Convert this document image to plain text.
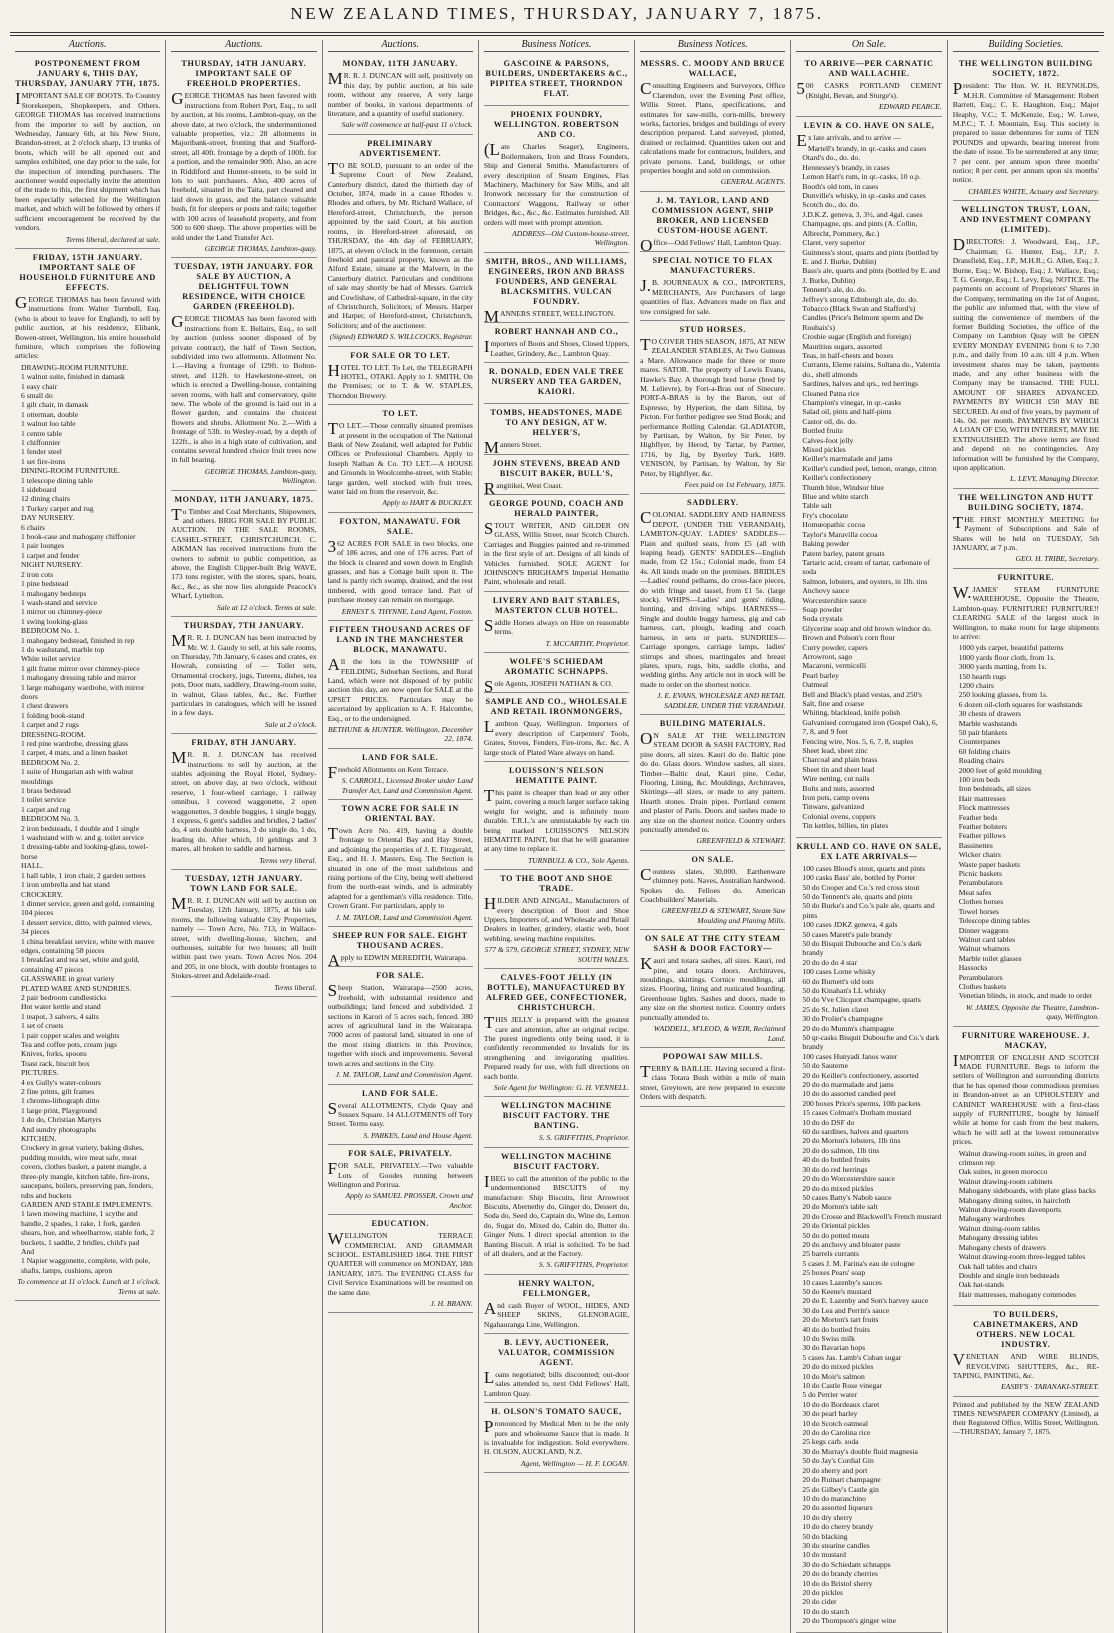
NEW ZEALAND TIMES, THURSDAY, JANUARY 7, 1875.
Auctions.
POSTPONEMENT FROM JANUARY 6, THIS DAY, THURSDAY, JANUARY 7TH, 1875.
IMPORTANT SALE OF BOOTS. To Country Storekeepers, Shopkeepers, and Others. GEORGE THOMAS has received instructions from the importer to sell by auction, on Wednesday, January 6th, at his New Store, Brandon-street, at 2 o'clock sharp, 13 trunks of boots, which will be all opened out and samples exhibited, one day prior to the sale, for the inspection of intending purchasers. The auctioneer would especially invite the attention of the trade to this, the first shipment which has been especially selected for the Wellington market, and which will be followed by others if sufficient encouragement be received by the vendors.
Terms liberal, declared at sale.
FRIDAY, 15TH JANUARY. IMPORTANT SALE OF HOUSEHOLD FURNITURE AND EFFECTS.
GEORGE THOMAS has been favored with instructions from Walter Turnbull, Esq. (who is about to leave for England), to sell by public auction, at his residence, Elibank, Bowen-street, Wellington, his entire household furniture, which comprises the following articles:
DRAWING-ROOM FURNITURE.
1 walnut suite, finished in damask
1 easy chair
6 small do
1 gilt chair, in damask
1 otterman, double
1 walnut loo table
1 centre table
1 chiffonnier
1 fender steel
1 set fire-irons
DINING-ROOM FURNITURE.
1 telescope dining table
1 sideboard
12 dining chairs
1 Turkey carpet and rug
DAY NURSERY.
6 chairs
1 book-case and mahogany chiffonier
1 pair lounges
1 carpet and fender
NIGHT NURSERY.
2 iron cots
1 pine bedstead
1 mahogany bedsteps
1 wash-stand and service
1 mirror on chimney-piece
1 swing looking-glass
BEDROOM No. 1.
1 mahogany bedstead, finished in rep
1 do washstand, marble top
White toilet service
1 gilt frame mirror over chimney-piece
1 mahogany dressing table and mirror
1 large mahogany wardrobe, with mirror doors
1 chest drawers
1 folding book-stand
1 carpet and 2 rugs
DRESSING-ROOM.
1 red pine wardrobe, dressing glass
1 carpet, 4 mats, and a linen basket
BEDROOM No. 2.
1 suite of Hungarian ash with walnut mouldings
1 brass bedstead
1 toilet service
1 carpet and rug
BEDROOM No. 3.
2 iron bedsteads, 1 double and 1 single
1 washstand with w. and g. toilet service
1 dressing-table and looking-glass, towel-horse
HALL.
1 hall table, 1 iron chair, 2 garden settees
1 iron umbrella and hat stand
CROCKERY.
1 dinner service, green and gold, containing 104 pieces
1 dessert service, ditto, with painted views, 34 pieces
1 china breakfast service, white with mauve edges, containing 58 pieces
1 breakfast and tea set, white and gold, containing 47 pieces
GLASSWARE in great variety
PLATED WARE AND SUNDRIES.
2 pair bedroom candlesticks
Hot water kettle and stand
1 teapot, 3 salvers, 4 salts
1 set of cruets
1 pair copper scales and weights
Tea and coffee pots, cream jugs
Knives, forks, spoons
Toast rack, biscuit box
PICTURES.
4 ex Gully's water-colours
2 fine prints, gilt frames
1 chromo-lithograph ditto
1 large print, Playground
1 do do, Christian Martyrs
And sundry photographs
KITCHEN.
Crockery in great variety, baking dishes, pudding moulds, wire meat safe, meat covers, clothes basket, a patent mangle, a three-ply mangle, kitchen table, fire-irons, saucepans, boilers, preserving pan, fenders, tubs and buckets
GARDEN AND STABLE IMPLEMENTS.
1 lawn mowing machine, 1 scythe and handle, 2 spades, 1 rake, 1 fork, garden shears, hoe, and wheelbarrow, stable fork, 2 buckets, 1 saddle, 2 bridles, child's pad
And
1 Napier waggonette, complete, with pole, shafts, lamps, cushions, apron
To commence at 11 o'clock. Lunch at 1 o'clock. Terms at sale.
Auctions.
THURSDAY, 14TH JANUARY. IMPORTANT SALE OF FREEHOLD PROPERTIES.
GEORGE THOMAS has been favored with instructions from Robert Port, Esq., to sell by auction, at his rooms, Lambton-quay, on the above date, at two o'clock, the undermentioned valuable properties, viz.: 28 allotments in Majoribank-street, fronting that and Stafford-street, all 40ft. frontage by a depth of 100ft. for a portion, and the remainder 90ft. Also, an acre in Riddiford and Hunter-streets, to be sold in lots to suit purchasers. Also, 400 acres of freehold, situated in the Taita, part cleared and laid down in grass, and the balance valuable bush, fit for sleepers or posts and rails; together with 100 acres of leasehold property, and from 500 to 600 sheep. The above properties will be sold under the Land Transfer Act.
GEORGE THOMAS, Lambton-quay.
TUESDAY, 19TH JANUARY. FOR SALE BY AUCTION, A DELIGHTFUL TOWN RESIDENCE, WITH CHOICE GARDEN (FREEHOLD).
GEORGE THOMAS has been favored with instructions from E. Bellairs, Esq., to sell by auction (unless sooner disposed of by private contract), the half of Town Section, subdivided into two allotments. Allotment No. 1.—Having a frontage of 129ft. to Bolton-street, and 112ft. to Hawkestone-street, on which is erected a Dwelling-house, containing seven rooms, with hall and conservatory, quite new. The whole of the ground is laid out in a flower garden, and contains the choicest flowers and shrubs. Allotment No. 2.—With a frontage of 53ft. to Wesley-road, by a depth of 122ft., is also in a high state of cultivation, and contains several hundred choice fruit trees now in full bearing.
GEORGE THOMAS, Lambton-quay, Wellington.
MONDAY, 11TH JANUARY, 1875.
To Timber and Coal Merchants, Shipowners, and others. BRIG FOR SALE BY PUBLIC AUCTION. IN THE SALE ROOMS, CASHEL-STREET, CHRISTCHURCH. C. AIKMAN has received instructions from the owners to submit to public competition, as above, the English Clipper-built Brig WAVE, 173 tons register, with the stores, spars, boats, &c., &c., as she now lies alongside Peacock's Wharf, Lyttelton.
Sale at 12 o'clock. Terms at sale.
THURSDAY, 7TH JANUARY.
MR. R. J. DUNCAN has been instructed by Mr. W. J. Gaudy to sell, at his sale rooms, on Thursday, 7th January, 6 cases and crates, ex Howrah, consisting of — Toilet sets, Ornamental crockery, jugs, Tureens, dishes, tea pots, Door mats, saddlery, Drawing-room suite, in walnut, Glass tables, &c., &c. Further particulars in catalogues, which will be issued in a few days.
Sale at 2 o'clock.
FRIDAY, 8TH JANUARY.
MR. R. J. DUNCAN has received instructions to sell by auction, at the stables adjoining the Royal Hotel, Sydney-street, on above day, at two o'clock, without reserve, 1 four-wheel carriage, 1 railway omnibus, 1 covered waggonette, 2 open waggonettes, 3 double buggies, 1 single buggy, 1 express, 6 gent's saddles and bridles, 2 ladies' do, 4 sets double harness, 3 do single do, 1 do, leading do. After which, 10 geldings and 3 mares, all broken to saddle and harness.
Terms very liberal.
TUESDAY, 12TH JANUARY. TOWN LAND FOR SALE.
MR. R. J. DUNCAN will sell by auction on Tuesday, 12th January, 1875, at his sale rooms, the following valuable City Properties, namely — Town Acre, No. 713, in Wallace-street, with dwelling-house, kitchen, and outhouses, suitable for two houses; all built within past two years. Town Acres Nos. 204 and 205, in one block, with double frontages to Stokes-street and Adelaide-road.
Terms liberal.
Auctions.
MONDAY, 11TH JANUARY.
MR. R. J. DUNCAN will sell, positively on this day, by public auction, at his sale room, without any reserve, A very large number of books, in various departments of literature, and a quantity of useful stationery.
Sale will commence at half-past 11 o'clock.
PRELIMINARY ADVERTISEMENT.
TO BE SOLD, pursuant to an order of the Supreme Court of New Zealand, Canterbury district, dated the thirtieth day of October, 1874, made in a cause Rhodes v. Rhodes and others, by Mr. Richard Wallace, of Hereford-street, Christchurch, the person appointed by the said Court, at his auction rooms, in Hereford-street aforesaid, on THURSDAY, the 4th day of FEBRUARY, 1875, at eleven o'clock in the forenoon, certain freehold and pastoral property, known as the Alford Estate, situate at the Malvern, in the Canterbury district. Particulars and conditions of sale may shortly be had of Messrs. Garrick and Cowlishaw, of Cathedral-square, in the city of Christchurch, Solicitors; of Messrs. Harper and Harper, of Hereford-street, Christchurch, Solicitors; and of the auctioneer.
(Signed) EDWARD S. WILLCOCKS, Registrar.
FOR SALE OR TO LET.
HOTEL TO LET. To Let, the TELEGRAPH HOTEL, OTAKI. Apply to J. SMITH, On the Premises; or to T. & W. STAPLES, Thorndon Brewery.
TO LET.
TO LET.—Those centrally situated premises at present in the occupation of The National Bank of New Zealand, well adapted for Public Offices or Professional Chambers. Apply to Joseph Nathan & Co. TO LET.—A HOUSE and Grounds in Woolcombe-street, with Stable; large garden, well stocked with fruit trees, water laid on from the reservoir, &c.
Apply to HART & BUCKLEY.
FOXTON, MANAWATU. FOR SALE.
362 ACRES FOR SALE in two blocks, one of 186 acres, and one of 176 acres. Part of the block is cleared and sown down in English grasses, and has a Cottage built upon it. The land is partly rich swamp, drained, and the rest timbered, with good terrace land. Part of purchase money can remain on mortgage.
ERNEST S. THYNNE, Land Agent, Foxton.
FIFTEEN THOUSAND ACRES OF LAND IN THE MANCHESTER BLOCK, MANAWATU.
All the lots in the TOWNSHIP of FEILDING, Suburban Sections, and Rural Land, which were not disposed of by public auction this day, are now open for SALE at the UPSET PRICES. Particulars may be ascertained by application to A. F. Halcombe, Esq., or to the undersigned.
BETHUNE & HUNTER. Wellington, December 22, 1874.
LAND FOR SALE.
Freehold Allotments on Kent Terrace.
S. CARROLL, Licensed Broker under Land Transfer Act, Land and Commission Agent.
TOWN ACRE FOR SALE IN ORIENTAL BAY.
Town Acre No. 419, having a double frontage to Oriental Bay and Hay Street, and adjoining the properties of J. E. Fitzgerald, Esq., and H. J. Masters, Esq. The Section is situated in one of the most salubrious and rising portions of the City, being well sheltered from the north-east winds, and is admirably adapted for a gentleman's villa residence. Title, Crown Grant. For particulars, apply to
J. M. TAYLOR, Land and Commission Agent.
SHEEP RUN FOR SALE. EIGHT THOUSAND ACRES.
Apply to EDWIN MEREDITH, Wairarapa.
FOR SALE.
Sheep Station, Wairarapa—2500 acres, freehold, with substantial residence and outbuildings; land fenced and subdivided. 2 sections in Karori of 5 acres each, fenced. 380 acres of agricultural land in the Wairarapa. 7000 acres of pastoral land, situated in one of the most rising districts in this Province, together with stock and improvements. Several town acres and sections in the City.
J. M. TAYLOR, Land and Commission Agent.
LAND FOR SALE.
Several ALLOTMENTS, Clyde Quay and Sussex Square. 14 ALLOTMENTS off Tory Street. Terms easy.
S. PARKES, Land and House Agent.
FOR SALE, PRIVATELY.
FOR SALE, PRIVATELY.—Two valuable Lots of Goodes running between Wellington and Porirua.
Apply to SAMUEL PROSSER, Crown and Anchor.
EDUCATION.
WELLINGTON TERRACE COMMERCIAL AND GRAMMAR SCHOOL. ESTABLISHED 1864. THE FIRST QUARTER will commence on MONDAY, 18th JANUARY, 1875. The EVENING CLASS for Civil Service Examinations will be resumed on the same date.
J. H. BRANN.
Business Notices.
GASCOINE & PARSONS, BUILDERS, UNDERTAKERS &C., PIPITEA STREET, THORNDON FLAT.
PHOENIX FOUNDRY, WELLINGTON. ROBERTSON AND CO.
(Late Charles Seager), Engineers, Boilermakers, Iron and Brass Founders, Ship and General Smiths. Manufacturers of every description of Steam Engines, Flax Machinery, Machinery for Saw Mills, and all Ironwork necessary for the construction of Contractors' Waggons, Railway or other Bridges, &c., &c., &c. Estimates furnished. All orders will meet with prompt attention.
ADDRESS—Old Custom-house-street, Wellington.
SMITH, BROS., AND WILLIAMS, ENGINEERS, IRON AND BRASS FOUNDERS, AND GENERAL BLACKSMITHS. VULCAN FOUNDRY.
MANNERS STREET, WELLINGTON.
ROBERT HANNAH AND CO.,
Importers of Boots and Shoes, Closed Uppers, Leather, Grindery, &c., Lambton Quay.
R. DONALD, EDEN VALE TREE NURSERY AND TEA GARDEN, KAIORI.
TOMBS, HEADSTONES, MADE TO ANY DESIGN, AT W. HELYER'S,
Manners Street.
JOHN STEVENS, BREAD AND BISCUIT BAKER, BULL'S,
Rangitikei, West Coast.
GEORGE POUND, COACH AND HERALD PAINTER,
STOUT WRITER, AND GILDER ON GLASS, Willis Street, near Scotch Church. Carriages and Buggies painted and re-trimmed in the first style of art. Designs of all kinds of Vehicles furnished. SOLE AGENT for JOHNSON'S BRIGHAM'S Imperial Hematite Paint, wholesale and retail.
LIVERY AND BAIT STABLES, MASTERTON CLUB HOTEL.
Saddle Horses always on Hire on reasonable terms.
T. MCCARTHY, Proprietor.
WOLFE'S SCHIEDAM AROMATIC SCHNAPPS.
Sole Agents, JOSEPH NATHAN & CO.
SAMPLE AND CO., WHOLESALE AND RETAIL IRONMONGERS,
Lambton Quay, Wellington. Importers of every description of Carpenters' Tools, Grates, Stoves, Fenders, Fire-irons, &c. &c. A large stock of Plated Ware always on hand.
LOUISSON'S NELSON HEMATITE PAINT.
This paint is cheaper than lead or any other paint, covering a much larger surface taking weight for weight, and is infinitely more durable. T.R.L.'s are unmistakable by each tin being marked LOUISSON'S NELSON HEMATITE PAINT, but that he will guarantee at any time to replace it.
TURNBULL & CO., Sole Agents.
TO THE BOOT AND SHOE TRADE.
HILDER AND AINGAL, Manufacturers of every description of Boot and Shoe Uppers, Importers of, and Wholesale and Retail Dealers in leather, grindery, elastic web, boot webbing, sewing machine requisites.
577 & 579, GEORGE STREET, SYDNEY, NEW SOUTH WALES.
CALVES-FOOT JELLY (IN BOTTLE), MANUFACTURED BY ALFRED GEE, CONFECTIONER, CHRISTCHURCH.
THIS JELLY is prepared with the greatest care and attention, after an original recipe. The purest ingredients only being used, it is confidently recommended to Invalids for its strengthening and invigorating qualities. Prepared ready for use, with full directions on each bottle.
Sole Agent for Wellington: G. H. VENNELL.
WELLINGTON MACHINE BISCUIT FACTORY. THE BANTING.
S. S. GRIFFITHS, Proprietor.
WELLINGTON MACHINE BISCUIT FACTORY.
IBEG to call the attention of the public to the undermentioned BISCUITS of my manufacture: Ship Biscuits, first Arrowroot Biscuits, Abernethy do, Ginger do, Dessert do, Soda do, Seed do, Captain do, Wine do, Lemon do, Sugar do, Mixed do, Cabin do, Butter do. Ginger Nuts. I direct special attention to the Banting Biscuit. A trial is solicited. To be had of all dealers, and at the Factory.
S. S. GRIFFITHS, Proprietor.
HENRY WALTON, FELLMONGER,
And cash Buyer of WOOL, HIDES, AND SHEEP SKINS, GLENORAGIE, Ngahauranga Line, Wellington.
B. LEVY, AUCTIONEER, VALUATOR, COMMISSION AGENT.
Loans negotiated; bills discounted; out-door sales attended to, next Odd Fellows' Hall, Lambton Quay.
H. OLSON'S TOMATO SAUCE,
Pronounced by Medical Men to be the only pure and wholesome Sauce that is made. It is invaluable for indigestion. Sold everywhere. H. OLSON, AUCKLAND, N.Z.
Agent, Wellington — H. F. LOGAN.
Business Notices.
MESSRS. C. MOODY AND BRUCE WALLACE,
Consulting Engineers and Surveyors, Office Clarendon, over the Evening Post office, Willis Street. Plans, specifications, and estimates for saw-mills, corn-mills, brewery works, factories, bridges and buildings of every description prepared. Land surveyed, plotted, drained or reclaimed. Quantities taken out and calculations made for contractors, builders, and private persons. Land, buildings, or other properties bought and sold on commission.
GENERAL AGENTS.
J. M. TAYLOR, LAND AND COMMISSION AGENT, SHIP BROKER, AND LICENSED CUSTOM-HOUSE AGENT.
Office—Odd Fellows' Hall, Lambton Quay.
SPECIAL NOTICE TO FLAX MANUFACTURERS.
J.B. JOURNEAUX & CO., IMPORTERS, MERCHANTS, Are Purchasers of large quantities of flax. Advances made on flax and tow consigned for sale.
STUD HORSES.
TO COVER THIS SEASON, 1875, AT NEW ZEALANDER STABLES, At Two Guineas a Mare. Allowance made for three or more mares. SATOR. The property of Lewis Evans, Hawke's Bay. A thorough bred horse (bred by M. Lelievre), by Fort-a-Bras out of Sinecure. PORT-A-BRAS is by the Baron, out of Espresso, by Hyperion, the dam Silina, by Picton. For further pedigree see Stud Book; and performance Rolling Calendar. GLADIATOR, by Partisan, by Walton, by Sir Peter, by Highflyer, by Herod, by Tartar, by Partner, 1716, by Jig, by Byerley Turk, 1689. VENISON, by Partisan, by Walton, by Sir Peter, by Highflyer, &c.
Fees paid on 1st February, 1875.
SADDLERY.
COLONIAL SADDLERY AND HARNESS DEPOT, (UNDER THE VERANDAH), LAMBTON-QUAY. LADIES' SADDLES—Plain and quilted seats, from £5 (all with leaping head). GENTS' SADDLES—English made, from £2 15s.; Colonial made, from £4 4s. All kinds made on the premises. BRIDLES—Ladies' round pelhams, do cross-face pieces, do with fringe and tassel, from £1 5s. (large stock). WHIPS—Ladies' and gents' riding, hunting, and driving whips. HARNESS—Single and double buggy harness, gig and cab harness, cart, plough, leading and coach harness, in sets or parts. SUNDRIES—Carriage sponges, carriage lamps, ladies' stirrups and shoes, martingales and breast plates, spurs, rugs, bits, saddle cloths, and wedding girths. Any article not in stock will be made to order on the shortest notice.
J. E. EVANS, WHOLESALE AND RETAIL SADDLER, UNDER THE VERANDAH.
BUILDING MATERIALS.
ON SALE AT THE WELLINGTON STEAM DOOR & SASH FACTORY, Red pine doors, all sizes. Kauri do do. Baltic pine do do. Glass doors. Window sashes, all sizes. Timber—Baltic deal, Kauri pine, Cedar, Flooring, Lining, &c. Mouldings, Architraves, Skirtings—all sizes, or made to any pattern. Hearth stones. Drain pipes. Portland cement and plaster of Paris. Doors and sashes made to any size on the shortest notice. Country orders punctually attended to.
GREENFIELD & STEWART.
ON SALE.
Countess slates, 30,000. Earthenware chimney pots. Naves, Australian hardwood. Spokes do. Felloes do. American Coachbuilders' Materials.
GREENFIELD & STEWART, Steam Saw Moulding and Planing Mills.
ON SALE AT THE CITY STEAM SASH & DOOR FACTORY—
Kauri and totara sashes, all sizes. Kauri, red pine, and totara doors. Architraves, mouldings, skirtings. Cornice mouldings, all sizes. Flooring, lining and rusticated boarding. Greenhouse lights. Sashes and doors, made to any size on the shortest notice. Country orders punctually attended to.
WADDELL, M'LEOD, & WEIR, Reclaimed Land.
POPOWAI SAW MILLS.
TERRY & BAILLIE. Having secured a first-class Totara Bush within a mile of main street, Greytown, are now prepared to execute Orders with despatch.
On Sale.
TO ARRIVE—PER CARNATIC AND WALLACHIE.
500 CASKS PORTLAND CEMENT (Knight, Bevan, and Sturge's).
EDWARD PEARCE.
LEVIN & CO. HAVE ON SALE,
Ex late arrivals, and to arrive —
Martell's brandy, in qr.-casks and cases
Otard's do., do. do.
Hennessey's brandy, in cases
Lemon Hart's rum, in qr.-casks, 10 o.p.
Booth's old tom, in cases
Dunville's whisky, in qr.-casks and cases
Scotch do., do. do.
J.D.K.Z. geneva, 3, 3½, and 4gal. cases
Champagne, qts. and pints (A. Collin, Albrecht, Pommery, &c.)
Claret, very superior
Guinness's stout, quarts and pints (bottled by E. and J. Burke, Dublin)
Bass's ale, quarts and pints (bottled by E. and J. Burke, Dublin)
Tennent's ale, do. do.
Jeffrey's strong Edinburgh ale, do. do.
Tobacco (Black Swan and Stafford's)
Candles (Price's Belmont sperm and De Roubaix's)
Crosbie sugar (English and foreign)
Mauritius sugars, assorted
Teas, in half-chests and boxes
Currants, Eleme raisins, Sultana do., Valentia do., shell almonds
Sardines, halves and qrs., red herrings
Cleaned Patna rice
Champion's vinegar, in qr.-casks
Salad oil, pints and half-pints
Castor oil, do. do.
Bottled fruits
Calves-foot jelly
Mixed pickles
Keiller's marmalade and jams
Keiller's candied peel, lemon, orange, citron
Keiller's confectionery
Thumb blue, Windsor blue
Blue and white starch
Table salt
Fry's chocolate
Homœopathic cocoa
Taylor's Maravilla cocoa
Baking powder
Patent barley, patent groats
Tartaric acid, cream of tartar, carbonate of soda
Salmon, lobsters, and oysters, in 1lb. tins
Anchovy sauce
Worcestershire sauce
Soap powder
Soda crystals
Glycerine soap and old brown windsor do.
Brown and Polson's corn flour
Curry powder, capers
Arrowroot, sago
Macaroni, vermicelli
Pearl barley
Oatmeal
Bell and Black's plaid vestas, and 250's
Salt, fine and coarse
Whiting, blacklead, knife polish
Galvanised corrugated iron (Gospel Oak), 6, 7, 8, and 9 feet
Fencing wire, Nos. 5, 6, 7, 8, staples
Sheet lead, sheet zinc
Charcoal and plain brass
Sheet tin and sheet lead
Wire netting, cut nails
Bolts and nuts, assorted
Iron pots, camp ovens
Tinware, galvanized
Colonial ovens, coppers
Tin kettles, billies, tin plates
KRULL AND CO. HAVE ON SALE, EX LATE ARRIVALS—
100 cases Blood's stout, quarts and pints
100 casks Bass' ale, bottled by Porter
50 do Cooper and Co.'s red cross stout
50 do Tennent's ale, quarts and pints
50 do Burke's and Co.'s pale ale, quarts and pints
100 cases JDKZ geneva, 4 gals
50 cases Marett's pale brandy
50 do Bisquit Dubouche and Co.'s dark brandy
20 do do do 4 star
100 cases Lorne whisky
60 do Burnett's old tom
50 do Kinahan's LL whisky
50 do Vve Clicquot champagne, quarts
25 do St. Julien claret
30 do Prolier's champagne
20 do do Mumm's champagne
50 qr-casks Bisquit Dubouche and Co.'s dark brandy
100 cases Hunyadi Janos water
50 do Sauterne
20 do Keiller's confectionery, assorted
20 do do marmalade and jams
10 do do assorted candied peel
200 boxes Price's sperms, 10lb packets
15 cases Colman's Durham mustard
10 do do DSF do
60 do sardines, halves and quarters
20 do Morton's lobsters, 1lb tins
20 do do salmon, 1lb tins
40 do do bottled fruits
30 do do red herrings
20 do do Worcestershire sauce
20 do do mixed pickles
50 cases Batty's Nabob sauce
20 do Morton's table salt
20 do Crosse and Blackwell's French mustard
20 do Oriental pickles
50 do do potted meats
20 do anchovy and bloater paste
25 barrels currants
5 cases J. M. Farina's eau de cologne
25 boxes Pears' soap
10 cases Lazenby's sauces
50 do Keene's mustard
20 do E. Lazenby and Son's harvey sauce
30 do Lea and Perrin's sauce
20 do Morton's tart fruits
40 do do bottled fruits
10 do Swiss milk
30 do Bavarian hops
5 cases Jas. Lamb's Cuban sugar
20 do do mixed pickles
10 do Moir's salmon
10 do Castle Rose vinegar
5 do Perrier water
10 do do Bordeaux claret
30 do pearl barley
10 do Scotch oatmeal
20 do do Carolina rice
25 kegs carb. soda
30 do Murray's double fluid magnesia
50 do Jay's Cordial Gin
20 do sherry and port
20 do Ruinart champagne
25 do Gilbey's Castle gin
10 do do maraschino
20 do assorted liqueurs
10 do dry sherry
10 do do cherry brandy
50 do blacking
30 do stearine candles
10 do mustard
30 do do Schiedam schnapps
20 do do brandy cherries
10 do do Bristol sherry
20 do pickles
20 do cider
10 do do starch
20 do Thompson's ginger wine
Building Societies.
THE WELLINGTON BUILDING SOCIETY, 1872.
President: The Hon. W. H. REYNOLDS, M.H.R. Committee of Management: Robert Barrett, Esq.; C. E. Haughton, Esq.; Major Heaphy, V.C.; T. McKenzie, Esq.; W. Lowe, M.P.C.; T. J. Mountain, Esq. This society is prepared to issue debentures for sums of TEN POUNDS and upwards, bearing interest from the date of issue. To be surrendered at any time; 7 per cent. per annum upon three months' notice; 8 per cent. per annum upon six months' notice.
CHARLES WHITE, Actuary and Secretary.
WELLINGTON TRUST, LOAN, AND INVESTMENT COMPANY (LIMITED).
DIRECTORS: J. Woodward, Esq., J.P., Chairman; G. Hunter, Esq., J.P.; J. Dransfield, Esq., J.P., M.H.R.; G. Allen, Esq.; J. Burne, Esq.; W. Bishop, Esq.; J. Wallace, Esq.; T. G. George, Esq.; L. Levy, Esq. NOTICE. The payments on account of Proprietors' Shares in the Company, terminating on the 1st of August, the public are informed that, with the view of suiting the convenience of members of the former Building Societies, the office of the Company on Lambton Quay will be OPEN EVERY MONDAY EVENING from 6 to 7.30 p.m., and daily from 10 a.m. till 4 p.m. When investment shares may be taken, payments made, and any other business with the Company may be transacted. THE FULL AMOUNT OF SHARES ADVANCED. PAYMENTS BY WHICH £50 MAY BE SECURED. At end of five years, by payment of 14s. 0d. per month. PAYMENTS BY WHICH A LOAN OF £50, WITH INTEREST, MAY BE EXTINGUISHED. The above terms are fixed and depend on no contingencies. Any information will be furnished by the Company, upon application.
L. LEVY, Managing Director.
THE WELLINGTON AND HUTT BUILDING SOCIETY, 1874.
THE FIRST MONTHLY MEETING for Payment of Subscriptions and Sale of Shares will be held on TUESDAY, 5th JANUARY, at 7 p.m.
GEO. H. TRIBE, Secretary.
FURNITURE.
W.JAMES' STEAM FURNITURE WAREHOUSE, Opposite the Theatre, Lambton-quay. FURNITURE! FURNITURE!! CLEARING SALE of the largest stock in Wellington, to make room for large shipments to arrive:
1000 yds carpet, beautiful patterns
1000 yards floor cloth, from 1s.
3000 yards matting, from 1s.
150 hearth rugs
1200 chairs
250 looking glasses, from 1s.
6 dozen oil-cloth squares for washstands
30 chests of drawers
Marble washstands
50 pair blankets
Counterpanes
60 folding chairs
Reading chairs
2000 feet of gold moulding
100 iron beds
Iron bedsteads, all sizes
Hair mattresses
Flock mattresses
Feather beds
Feather bolsters
Feather pillows
Bassinettes
Wicker chairs
Waste paper baskets
Picnic baskets
Perambulators
Meat safes
Clothes horses
Towel horses
Telescope dining tables
Dinner waggons
Walnut card tables
Walnut whatnots
Marble toilet glasses
Hassocks
Perambulators
Clothes baskets
Venetian blinds, in stock, and made to order
W. JAMES, Opposite the Theatre, Lambton-quay, Wellington.
FURNITURE WAREHOUSE. J. MACKAY,
IMPORTER OF ENGLISH AND SCOTCH MADE FURNITURE. Begs to inform the settlers of Wellington and surrounding districts that he has opened those commodious premises in Brandon-street as an UPHOLSTERY and CABINET WAREHOUSE with a first-class supply of FURNITURE, bought by himself while at home for cash from the best makers, which he will sell at the lowest remunerative prices.
Walnut drawing-room suites, in green and crimson rep
Oak suites, in green morocco
Walnut drawing-room cabinets
Mahogany sideboards, with plate glass backs
Mahogany dining suites, in haircloth
Walnut drawing-room davenports
Mahogany wardrobes
Walnut dining-room tables
Mahogany dressing tables
Mahogany chests of drawers
Walnut drawing-room three-legged tables
Oak hall tables and chairs
Double and single iron bedsteads
Oak hat-stands
Hair mattresses, mahogany commodes
TO BUILDERS, CABINETMAKERS, AND OTHERS. NEW LOCAL INDUSTRY.
VENETIAN AND WIRE BLINDS, REVOLVING SHUTTERS, &c., RE-TAPING, PAINTING, &c.
EASBY'S · TARANAKI-STREET.
Printed and published by the NEW ZEALAND TIMES NEWSPAPER COMPANY (Limited), at their Registered Office, Willis Street, Wellington.—THURSDAY, January 7, 1875.
